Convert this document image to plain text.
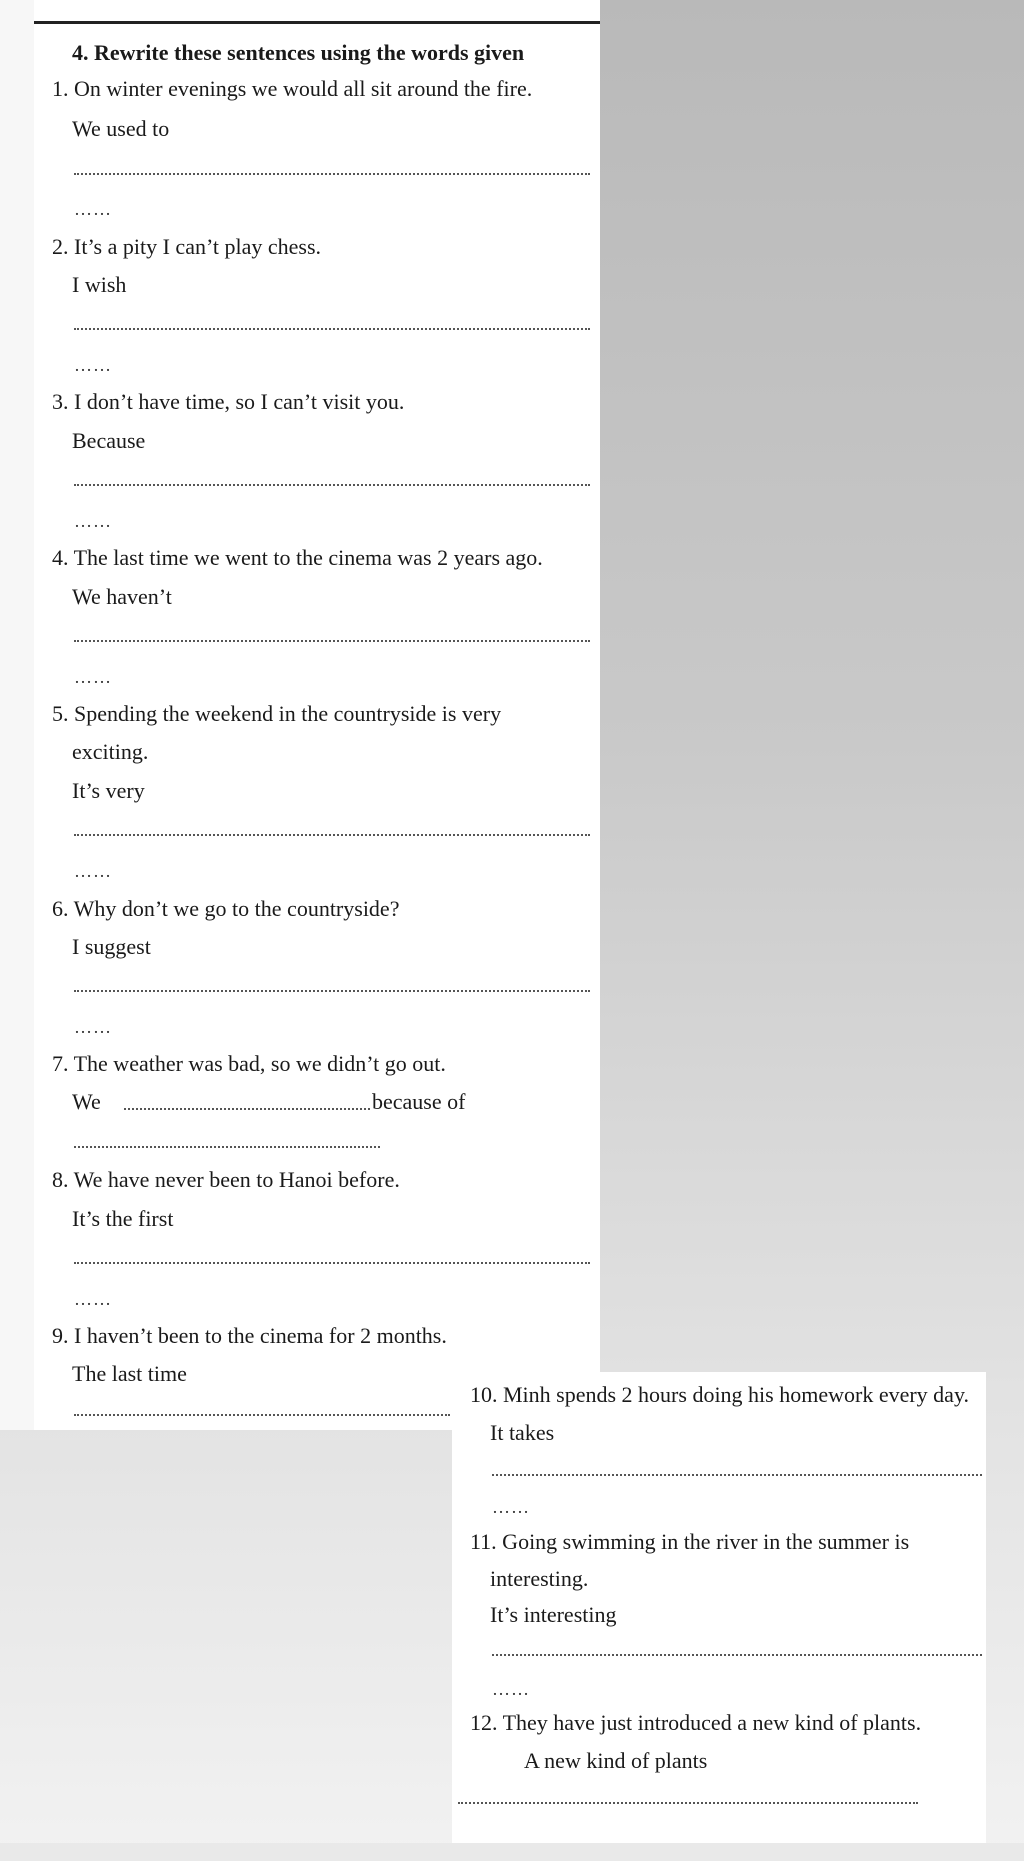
4. Rewrite these sentences using the words given
1. On winter evenings we would all sit around the fire.
We used to
……
2. It’s a pity I can’t play chess.
I wish
……
3. I don’t have time, so I can’t visit you.
Because
……
4. The last time we went to the cinema was 2 years ago.
We haven’t
……
5. Spending the weekend in the countryside is very
exciting.
It’s very
……
6. Why don’t we go to the countryside?
I suggest
……
7. The weather was bad, so we didn’t go out.
We	because of
8. We have never been to Hanoi before.
It’s the first
……
9. I haven’t been to the cinema for 2 months.
The last time
10. Minh spends 2 hours doing his homework every day.
It takes
……
11. Going swimming in the river in the summer is
interesting.
It’s interesting
……
12. They have just introduced a new kind of plants.
A new kind of plants
